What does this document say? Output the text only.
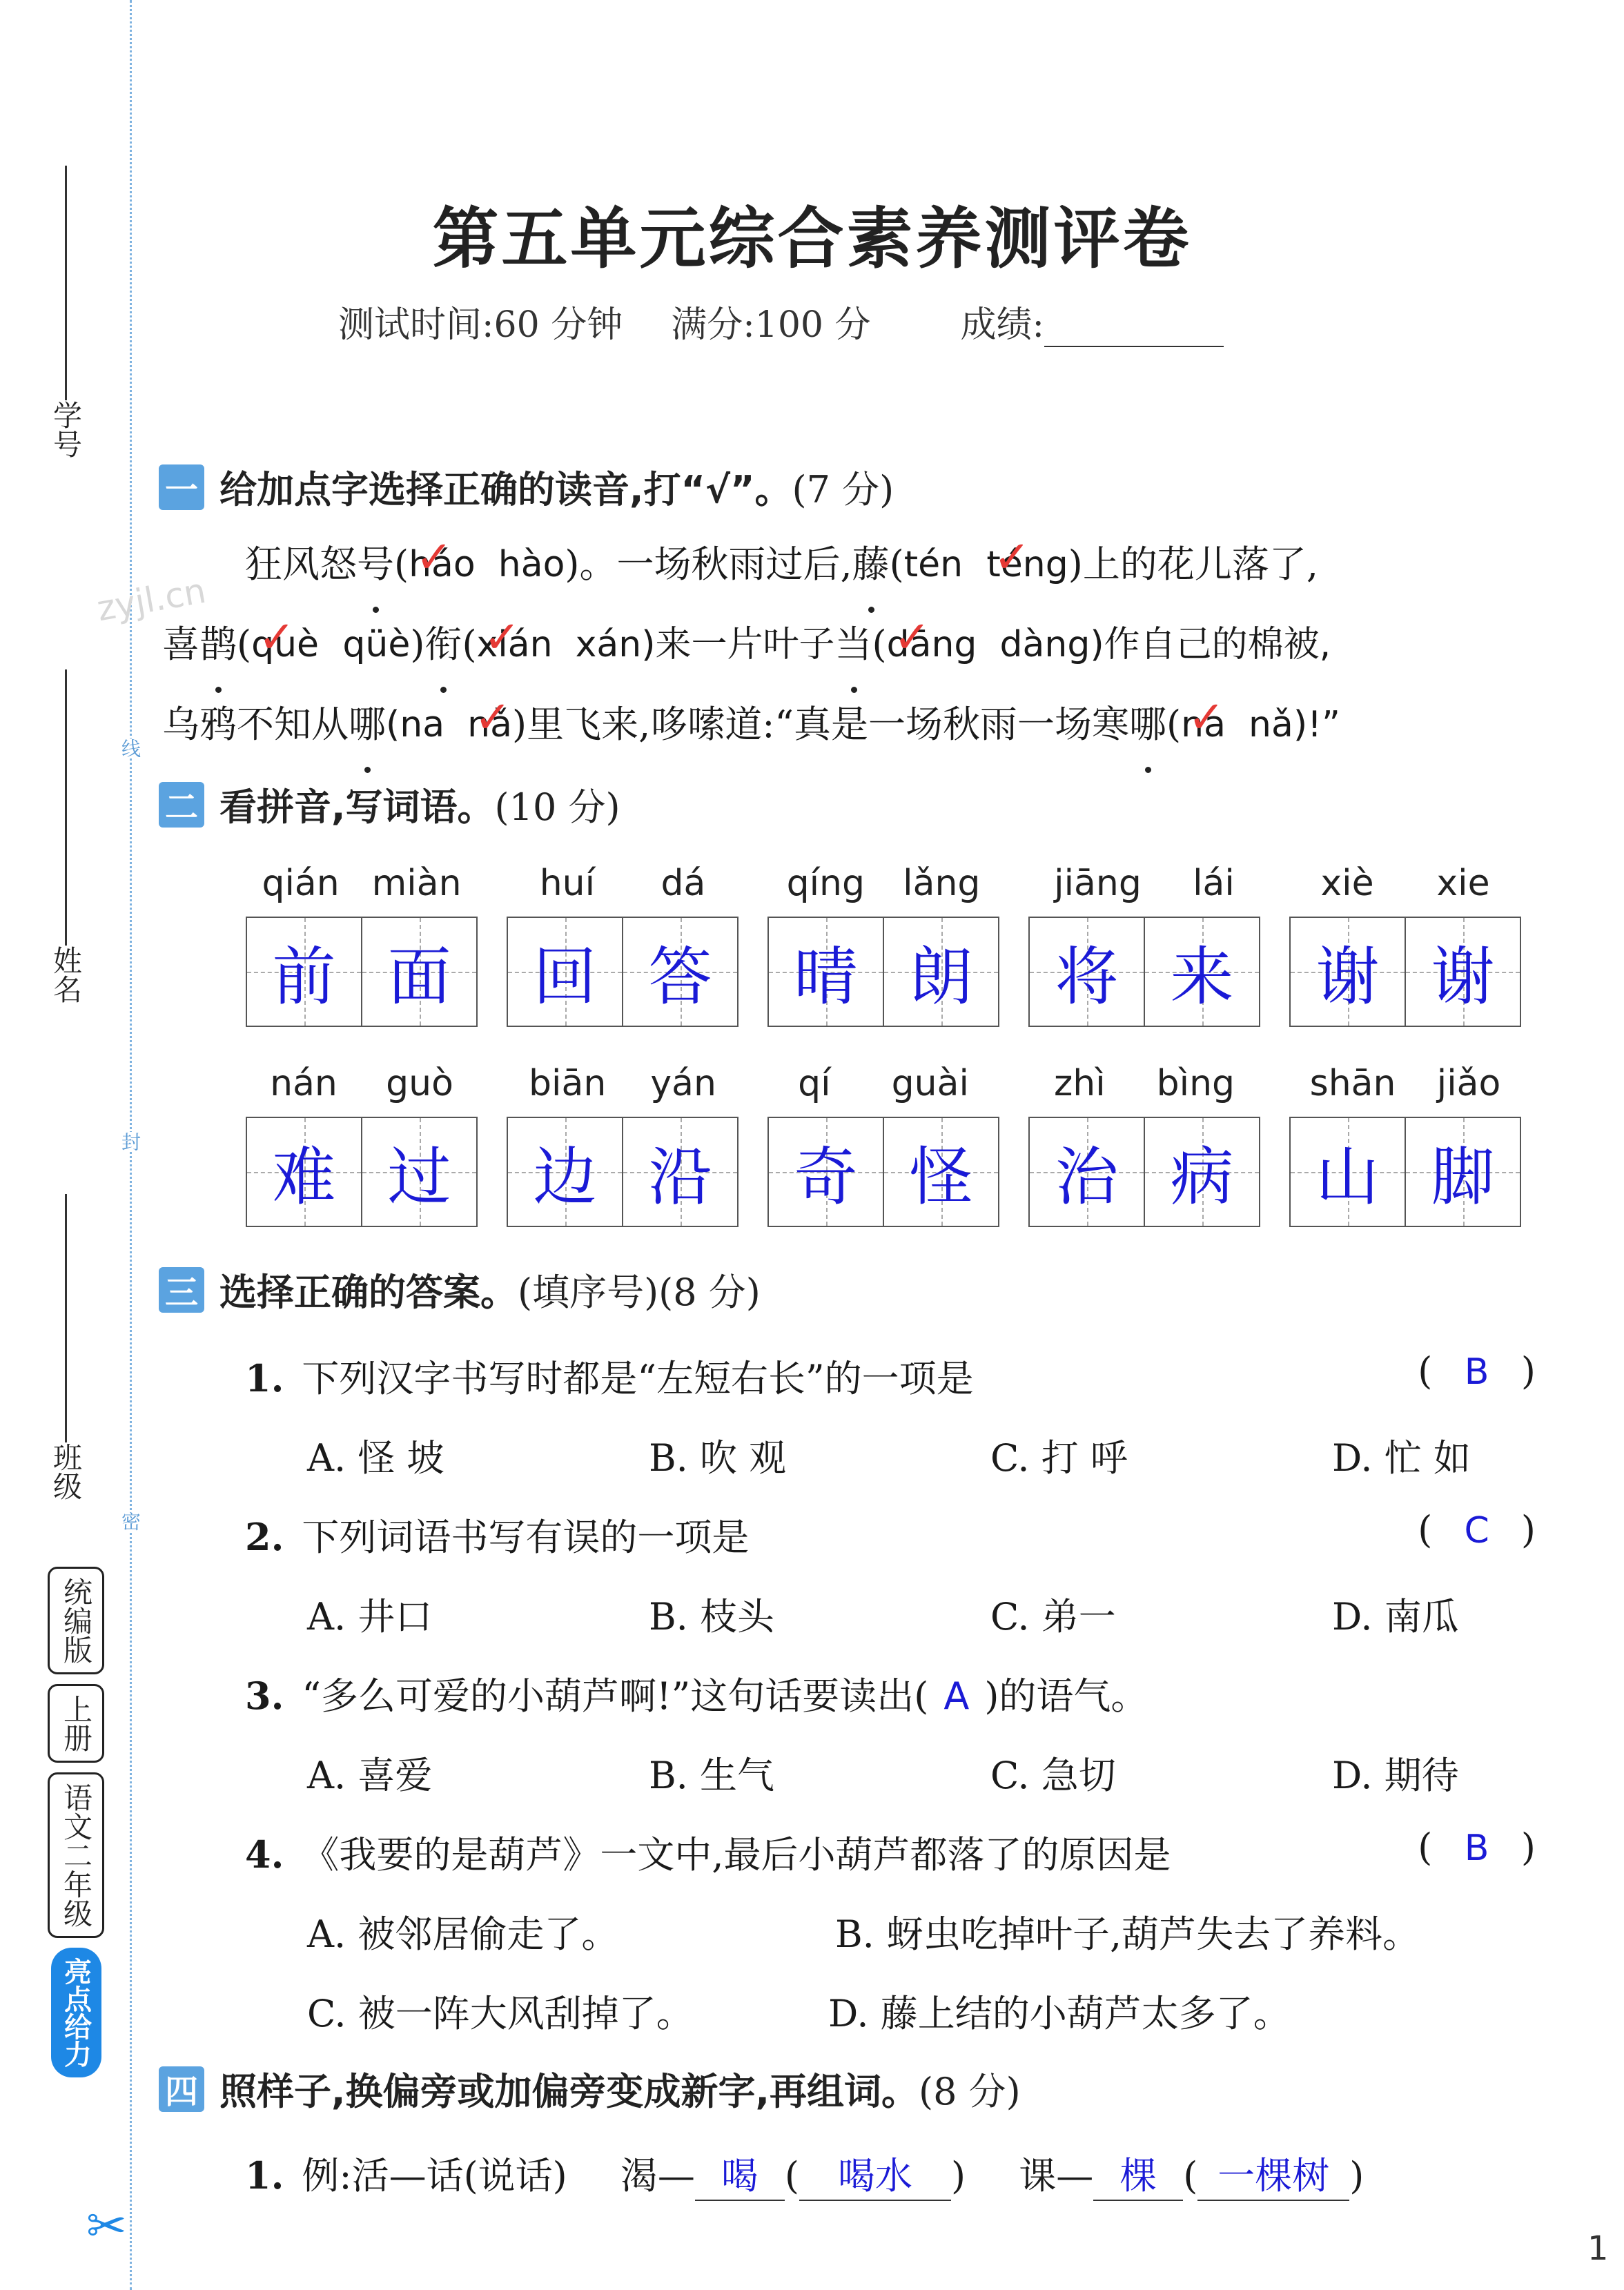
学号
姓名
班级
线
封
密
统编版
上册
语文二年级
亮点给力
✂
zyjl.cn
第五单元综合素养测评卷
测试时间:60 分钟 满分:100 分	成绩:
一 给加点字选择正确的读音,打“√”。 (7 分)
狂风怒 号 ( háo ✓ hào )。一场秋雨过后, 藤 ( tén
téng ✓ )上的花儿落了,
喜 鹊 ( què ✓
qüè ) 衔 ( xián ✓ xán)来一片叶子 当 ( dāng ✓ dàng)作自己的棉被,
乌鸦不知从 哪 (na nǎ ✓ )里飞来,哆嗦道:“真是一场秋雨一场寒 哪 ( na ✓ nǎ)!”
二 看拼音,写词语。 (10 分)
qián miàn
前 面
huí dá
回 答
qíng lǎng
晴 朗
jiāng lái
将 来
xiè xie
谢 谢
nán guò
难 过
biān yán
边 沿
qí guài
奇 怪
zhì bìng
治 病
shān jiǎo
山 脚
三 选择正确的答案。 (填序号)(8 分)
1. 下列汉字书写时都是“左短右长”的一项是	(  B  )
A. 怪 坡	B. 吹 观	C. 打 呼	D. 忙 如
2. 下列词语书写有误的一项是	(  C  )
A. 井口	B. 枝头	C. 弟一	D. 南瓜
3. “多么可爱的小葫芦啊!”这句话要读出( A )的语气。
A. 喜爱	B. 生气	C. 急切	D. 期待
4. 《我要的是葫芦》一文中,最后小葫芦都落了的原因是	(  B  )
A. 被邻居偷走了。	B. 蚜虫吃掉叶子,葫芦失去了养料。
C. 被一阵大风刮掉了。	D. 藤上结的小葫芦太多了。
四 照样子,换偏旁或加偏旁变成新字,再组词。 (8 分)
1. 例:活—话(说话) 渴— 喝 ( 喝水 ) 课— 棵 ( 一棵树 )
1
